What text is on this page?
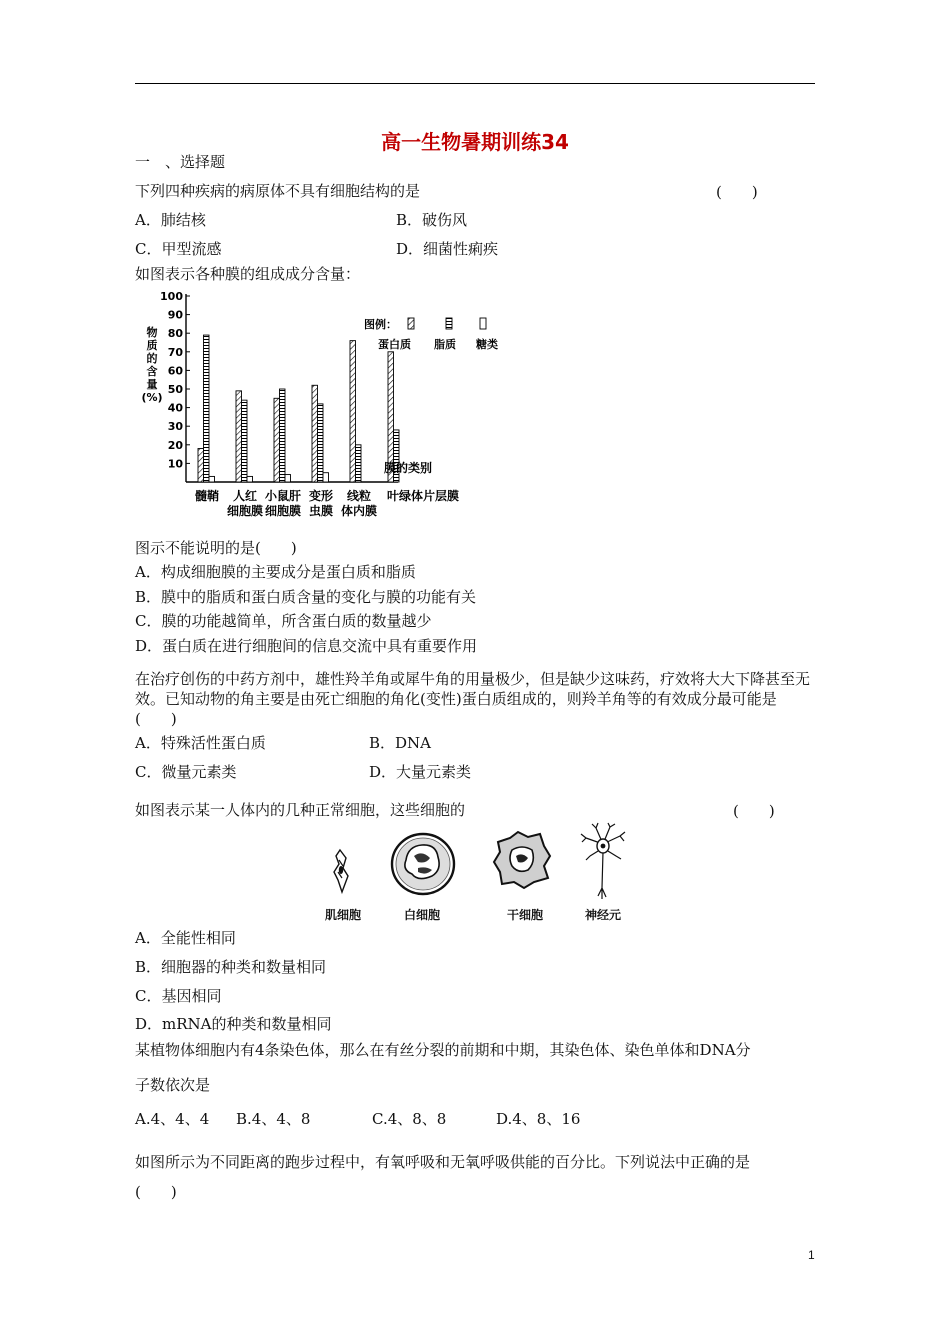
高一生物暑期训练34
一　、选择题
下列四种疾病的病原体不具有细胞结构的是	(　　)
A．肺结核	B．破伤风
C．甲型流感	D．细菌性痢疾
如图表示各种膜的组成成分含量：
10
20
30
40
50
60
70
80
90
100
物
质
的
含
量
(%)
髓鞘 人红
细胞膜
小鼠肝
细胞膜
变形
虫膜
线粒
体内膜
叶绿体片层膜
膜的类别
图例：
蛋白质 脂质 糖类
图示不能说明的是(　　)
A．构成细胞膜的主要成分是蛋白质和脂质
B．膜中的脂质和蛋白质含量的变化与膜的功能有关
C．膜的功能越简单，所含蛋白质的数量越少
D．蛋白质在进行细胞间的信息交流中具有重要作用
在治疗创伤的中药方剂中，雄性羚羊角或犀牛角的用量极少，但是缺少这味药，疗效将大大下降甚至无效。已知动物的角主要是由死亡细胞的角化(变性)蛋白质组成的，则羚羊角等的有效成分最可能是(　　)
A．特殊活性蛋白质	B．DNA
C．微量元素类	D．大量元素类
如图表示某一人体内的几种正常细胞，这些细胞的	(　　)
肌细胞	白细胞	干细胞	神经元
A．全能性相同
B．细胞器的种类和数量相同
C．基因相同
D．mRNA的种类和数量相同
某植物体细胞内有4条染色体，那么在有丝分裂的前期和中期，其染色体、染色单体和DNA分
子数依次是
A.4、4、4 B.4、4、8	C.4、8、8	D.4、8、16
如图所示为不同距离的跑步过程中，有氧呼吸和无氧呼吸供能的百分比。下列说法中正确的是
(　　)
1
